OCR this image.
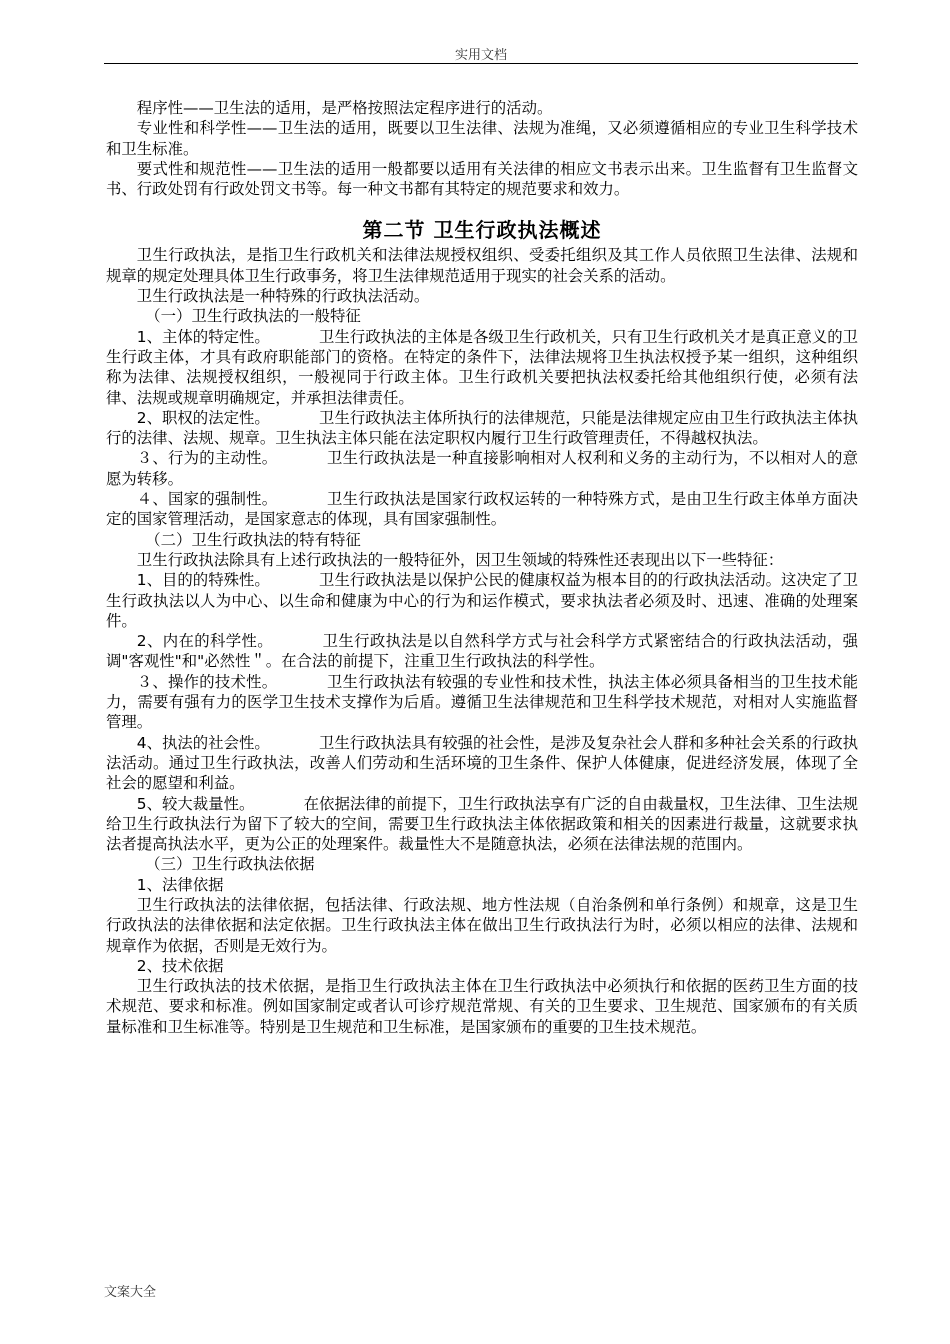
实用文档

程序性——卫生法的适用，是严格按照法定程序进行的活动。

专业性和科学性——卫生法的适用，既要以卫生法律、法规为准绳，又必须遵循相应的专业卫生科学技术和卫生标准。

要式性和规范性——卫生法的适用一般都要以适用有关法律的相应文书表示出来。卫生监督有卫生监督文书、行政处罚有行政处罚文书等。每一种文书都有其特定的规范要求和效力。

第二节 卫生行政执法概述

卫生行政执法，是指卫生行政机关和法律法规授权组织、受委托组织及其工作人员依照卫生法律、法规和规章的规定处理具体卫生行政事务，将卫生法律规范适用于现实的社会关系的活动。

卫生行政执法是一种特殊的行政执法活动。

（一）卫生行政执法的一般特征

1、主体的特定性。	卫生行政执法的主体是各级卫生行政机关，只有卫生行政机关才是真正意义的卫生行政主体，才具有政府职能部门的资格。在特定的条件下，法律法规将卫生执法权授予某一组织，这种组织称为法律、法规授权组织，一般视同于行政主体。卫生行政机关要把执法权委托给其他组织行使，必须有法律、法规或规章明确规定，并承担法律责任。

2、职权的法定性。	卫生行政执法主体所执行的法律规范，只能是法律规定应由卫生行政执法主体执行的法律、法规、规章。卫生执法主体只能在法定职权内履行卫生行政管理责任，不得越权执法。

３、行为的主动性。	卫生行政执法是一种直接影响相对人权利和义务的主动行为，不以相对人的意愿为转移。

４、国家的强制性。	卫生行政执法是国家行政权运转的一种特殊方式，是由卫生行政主体单方面决定的国家管理活动，是国家意志的体现，具有国家强制性。

（二）卫生行政执法的特有特征

卫生行政执法除具有上述行政执法的一般特征外，因卫生领域的特殊性还表现出以下一些特征：

1、目的的特殊性。	卫生行政执法是以保护公民的健康权益为根本目的的行政执法活动。这决定了卫生行政执法以人为中心、以生命和健康为中心的行为和运作模式，要求执法者必须及时、迅速、准确的处理案件。

2、内在的科学性。	卫生行政执法是以自然科学方式与社会科学方式紧密结合的行政执法活动，强调"客观性"和"必然性＂。在合法的前提下，注重卫生行政执法的科学性。

３、操作的技术性。	卫生行政执法有较强的专业性和技术性，执法主体必须具备相当的卫生技术能力，需要有强有力的医学卫生技术支撑作为后盾。遵循卫生法律规范和卫生科学技术规范，对相对人实施监督管理。

4、执法的社会性。	卫生行政执法具有较强的社会性，是涉及复杂社会人群和多种社会关系的行政执法活动。通过卫生行政执法，改善人们劳动和生活环境的卫生条件、保护人体健康，促进经济发展，体现了全社会的愿望和利益。

5、较大裁量性。	在依据法律的前提下，卫生行政执法享有广泛的自由裁量权，卫生法律、卫生法规给卫生行政执法行为留下了较大的空间，需要卫生行政执法主体依据政策和相关的因素进行裁量，这就要求执法者提高执法水平，更为公正的处理案件。裁量性大不是随意执法，必须在法律法规的范围内。

（三）卫生行政执法依据

1、法律依据

卫生行政执法的法律依据，包括法律、行政法规、地方性法规（自治条例和单行条例）和规章，这是卫生行政执法的法律依据和法定依据。卫生行政执法主体在做出卫生行政执法行为时，必须以相应的法律、法规和规章作为依据，否则是无效行为。

2、技术依据

卫生行政执法的技术依据，是指卫生行政执法主体在卫生行政执法中必须执行和依据的医药卫生方面的技术规范、要求和标准。例如国家制定或者认可诊疗规范常规、有关的卫生要求、卫生规范、国家颁布的有关质量标准和卫生标准等。特别是卫生规范和卫生标准，是国家颁布的重要的卫生技术规范。

文案大全
